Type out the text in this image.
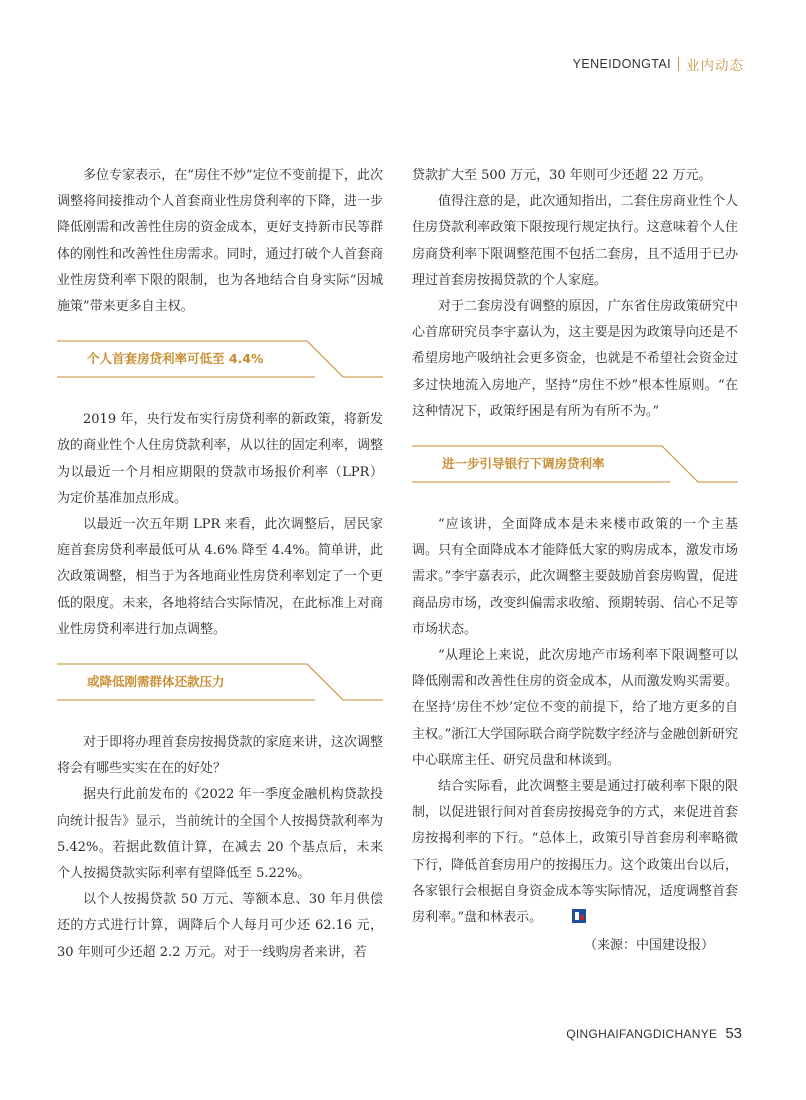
YENEIDONGTAI 业内动态

多位专家表示，在“房住不炒”定位不变前提下，此次调整将间接推动个人首套商业性房贷利率的下降，进一步降低刚需和改善性住房的资金成本，更好支持新市民等群体的刚性和改善性住房需求。同时，通过打破个人首套商业性房贷利率下限的限制，也为各地结合自身实际“因城施策”带来更多自主权。

个人首套房贷利率可低至 4.4%

2019 年，央行发布实行房贷利率的新政策，将新发放的商业性个人住房贷款利率，从以往的固定利率，调整为以最近一个月相应期限的贷款市场报价利率（LPR）为定价基准加点形成。

以最近一次五年期 LPR 来看，此次调整后，居民家庭首套房贷利率最低可从 4.6% 降至 4.4%。简单讲，此次政策调整，相当于为各地商业性房贷利率划定了一个更低的限度。未来，各地将结合实际情况，在此标准上对商业性房贷利率进行加点调整。

或降低刚需群体还款压力

对于即将办理首套房按揭贷款的家庭来讲，这次调整将会有哪些实实在在的好处？

据央行此前发布的《2022 年一季度金融机构贷款投向统计报告》显示，当前统计的全国个人按揭贷款利率为 5.42%。若据此数值计算，在减去 20 个基点后，未来个人按揭贷款实际利率有望降低至 5.22%。

以个人按揭贷款 50 万元、等额本息、30 年月供偿还的方式进行计算，调降后个人每月可少还 62.16 元，30 年则可少还超 2.2 万元。对于一线购房者来讲，若

贷款扩大至 500 万元，30 年则可少还超 22 万元。

值得注意的是，此次通知指出，二套住房商业性个人住房贷款利率政策下限按现行规定执行。这意味着个人住房商贷利率下限调整范围不包括二套房，且不适用于已办理过首套房按揭贷款的个人家庭。

对于二套房没有调整的原因，广东省住房政策研究中心首席研究员李宇嘉认为，这主要是因为政策导向还是不希望房地产吸纳社会更多资金，也就是不希望社会资金过多过快地流入房地产，坚持“房住不炒”根本性原则。“在这种情况下，政策纾困是有所为有所不为。”

进一步引导银行下调房贷利率

“应该讲，全面降成本是未来楼市政策的一个主基调。只有全面降成本才能降低大家的购房成本，激发市场需求。”李宇嘉表示，此次调整主要鼓励首套房购置，促进商品房市场，改变纠偏需求收缩、预期转弱、信心不足等市场状态。

“从理论上来说，此次房地产市场利率下限调整可以降低刚需和改善性住房的资金成本，从而激发购买需要。在坚持‘房住不炒’定位不变的前提下，给了地方更多的自主权。”浙江大学国际联合商学院数字经济与金融创新研究中心联席主任、研究员盘和林谈到。

结合实际看，此次调整主要是通过打破利率下限的限制，以促进银行间对首套房按揭竞争的方式，来促进首套房按揭利率的下行。“总体上，政策引导首套房利率略微下行，降低首套房用户的按揭压力。这个政策出台以后，各家银行会根据自身资金成本等实际情况，适度调整首套房利率。”盘和林表示。

（来源：中国建设报）

QINGHAIFANGDICHANYE 53
